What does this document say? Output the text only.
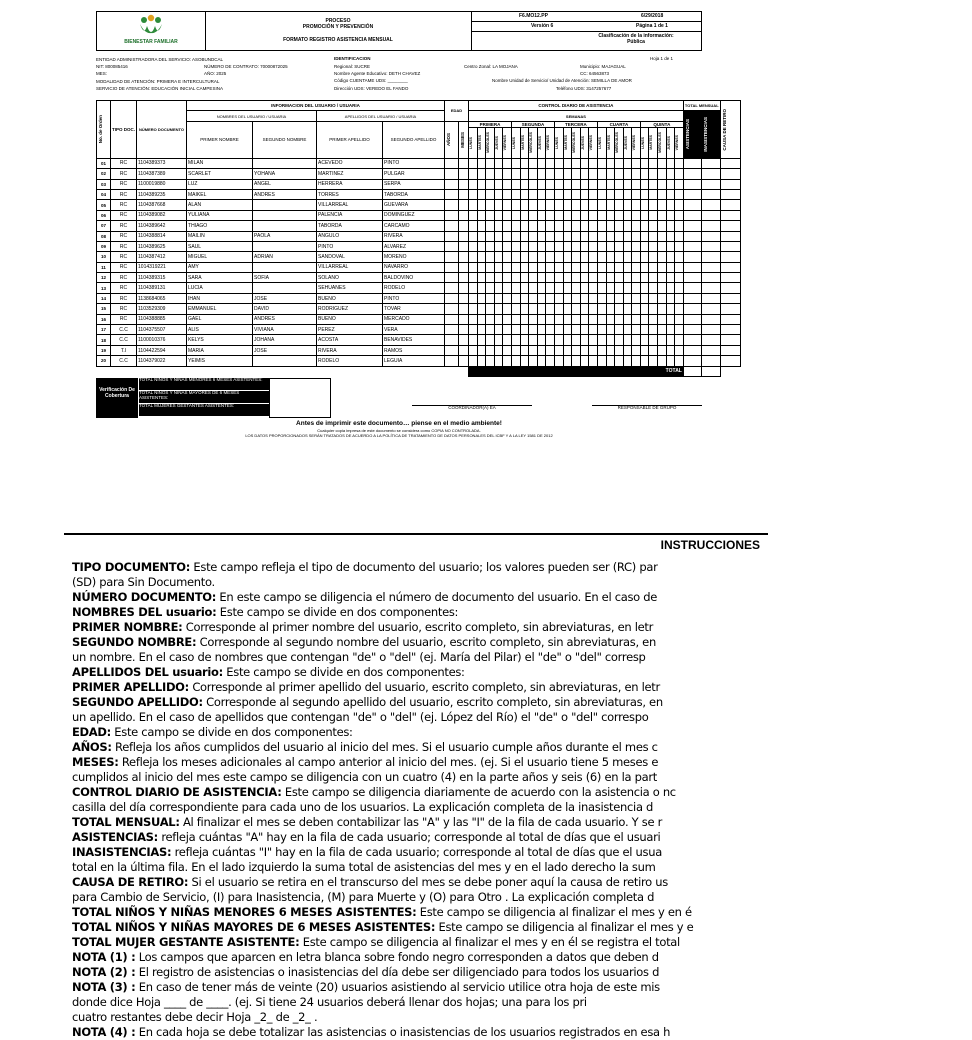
BIENESTAR FAMILIAR
PROCESO
PROMOCIÓN Y PREVENCIÓN
FORMATO REGISTRO ASISTENCIA MENSUAL
F6.MO12.PP	6/29/2018
Versión 6	Página 1 de 1
Clasificación de la información:
Pública
IDENTIFICACION	Hoja 1 de 1
ENTIDAD ADMINISTRADORA DEL SERVICIO: ASOBUNDCAL
NIT: 800085416
MES:
NÚMERO DE CONTRATO: 70000872025
AÑO: 2025
Regional: SUCRE	Centro Zonal: LA MOJANA	Municipio: MAJAGUAL
Nombre Agente Educativo: DETH CHAVEZ	CC: 64563873
Código CUENTAME UDS: ________	Nombre Unidad de Servicio/ Unidad de Atención: SEMILLA DE AMOR
MODALIDAD DE ATENCIÓN: PRIMERA E INTERCULTURAL
SERVICIO DE ATENCIÓN: EDUCACIÓN INICIAL CAMPESINA	Dirección UDS: VEREDO EL FANDO	Teléfono UDS: 3147257677
No. de Orden	TIPO DOC.	NÚMERO DOCUMENTO	INFORMACION DEL USUARIO / USUARIA				EDAD		CONTROL DIARIO DE ASISTENCIA																									TOTAL MENSUAL		CAUSA DE RETIRO

			NOMBRES DEL USUARIO / USUARIA		APELLIDOS DEL USUARIO / USUARIA				SEMANAS																									ASISTENCIAS	INASISTENCIAS	

			PRIMER NOMBRE	SEGUNDO NOMBRE	PRIMER APELLIDO	SEGUNDO APELLIDO	AÑOS	MESES	PRIMERA					SEGUNDA					TERCERA					CUARTA					QUINTA							

									LUNES	MARTES	MIÉRCOLES	JUEVES	VIERNES	LUNES	MARTES	MIÉRCOLES	JUEVES	VIERNES	LUNES	MARTES	MIÉRCOLES	JUEVES	VIERNES	LUNES	MARTES	MIÉRCOLES	JUEVES	VIERNES	LUNES	MARTES	MIÉRCOLES	JUEVES	VIERNES			

01	RC	1104389373	MILAN		ACEVEDO	PINTO																														
02	RC	1104387389	SCARLET	YOHANA	MARTINEZ	PULGAR																														
03	RC	1100019880	LUZ	ANGEL	HERRERA	SERPA																														
04	RC	1104389235	MAIKEL	ANDRES	TORRES	TABORDA																														
05	RC	1104387668	ALAN		VILLARREAL	GUEVARA																														
06	RC	1104389082	YULIANA		PALENCIA	DOMINGUEZ																														
07	RC	1104389642	THIAGO		TABORDA	CARCAMO																														
08	RC	1104388814	MAILIN	PAOLA	ANGULO	RIVERA																														
09	RC	1104389625	SAUL		PINTO	ALVAREZ																														
10	RC	1104387412	MIGUEL	ADRIAN	SANDOVAL	MORENO																														
11	RC	1014319221	AMY		VILLARREAL	NAVARRO																														
12	RC	1104389315	SARA	SOFIA	SOLANO	BALDOVINO																														
13	RC	1104389131	LUCIA		SEHUANES	RODELO																														
14	RC	1138684065	IHAN	JOSE	BUENO	PINTO																														
15	RC	1103529309	EMMANUEL	DAVID	RODRIGUEZ	TOVAR																														
16	RC	1104388885	GAEL	ANDRES	BUENO	MERCADO																														
17	C.C	1104375507	ALIS	VIVIANA	PEREZ	VERA																														
18	C.C	1100010376	KELYS	JOHANA	ACOSTA	BENAVIDES																														
19	T.I	1104422594	MARIA	JOSE	RIVERA	RAMOS																														
20	C.C	1104379022	YEIMIS		RODELO	LEGUIA																														
									TOTAL																											
Verificación De Cobertura
TOTAL NIÑOS Y NIÑAS MENORES 6 MESES ASISTENTES:
TOTAL NIÑOS Y NIÑAS MAYORES DE 6 MESES ASISTENTES:
TOTAL MUJERES GESTANTES ASISTENTES:	COORDINADOR(A) EA	RESPONSABLE DE GRUPO
Antes de imprimir este documento… piense en el medio ambiente!
Cualquier copia impresa de este documento se considera como COPIA NO CONTROLADA.
LOS DATOS PROPORCIONADOS SERÁN TRATADOS DE ACUERDO A LA POLÍTICA DE TRATAMIENTO DE DATOS PERSONALES DEL ICBF Y A LA LEY 1581 DE 2012
INSTRUCCIONES

TIPO DOCUMENTO: Este campo refleja el tipo de documento del usuario; los valores pueden ser (RC) par

(SD) para Sin Documento.

NÚMERO DOCUMENTO: En este campo se diligencia el número de documento del usuario. En el caso de

NOMBRES DEL usuario: Este campo se divide en dos componentes:

PRIMER NOMBRE: Corresponde al primer nombre del usuario, escrito completo, sin abreviaturas, en letr

SEGUNDO NOMBRE: Corresponde al segundo nombre del usuario, escrito completo, sin abreviaturas, en

un nombre. En el caso de nombres que contengan "de" o "del" (ej. María del Pilar) el "de" o "del" corresp

APELLIDOS DEL usuario: Este campo se divide en dos componentes:

PRIMER APELLIDO: Corresponde al primer apellido del usuario, escrito completo, sin abreviaturas, en letr

SEGUNDO APELLIDO: Corresponde al segundo apellido del usuario, escrito completo, sin abreviaturas, en

un apellido. En el caso de apellidos que contengan "de" o "del" (ej. López del Río) el "de" o "del" correspo

EDAD: Este campo se divide en dos componentes:

AÑOS: Refleja los años cumplidos del usuario al inicio del mes. Si el usuario cumple años durante el mes c

MESES: Refleja los meses adicionales al campo anterior al inicio del mes. (ej. Si el usuario tiene 5 meses e

cumplidos al inicio del mes este campo se diligencia con un cuatro (4) en la parte años y seis (6) en la part

CONTROL DIARIO DE ASISTENCIA: Este campo se diligencia diariamente de acuerdo con la asistencia o nc

casilla del día correspondiente para cada uno de los usuarios. La explicación completa de la inasistencia d

TOTAL MENSUAL: Al finalizar el mes se deben contabilizar las "A" y las "I" de la fila de cada usuario. Y se r

ASISTENCIAS: refleja cuántas "A" hay en la fila de cada usuario; corresponde al total de días que el usuari

INASISTENCIAS: refleja cuántas "I" hay en la fila de cada usuario; corresponde al total de días que el usua

total en la última fila. En el lado izquierdo la suma total de asistencias del mes y en el lado derecho la sum

CAUSA DE RETIRO: Si el usuario se retira en el transcurso del mes se debe poner aquí la causa de retiro us

para Cambio de Servicio, (I) para Inasistencia, (M) para Muerte y (O) para Otro . La explicación completa d

TOTAL NIÑOS Y NIÑAS MENORES 6 MESES ASISTENTES: Este campo se diligencia al finalizar el mes y en é

TOTAL NIÑOS Y NIÑAS MAYORES DE 6 MESES ASISTENTES: Este campo se diligencia al finalizar el mes y e

TOTAL MUJER GESTANTE ASISTENTE: Este campo se diligencia al finalizar el mes y en él se registra el total

NOTA (1) : Los campos que aparcen en letra blanca sobre fondo negro corresponden a datos que deben d

NOTA (2) : El registro de asistencias o inasistencias del día debe ser diligenciado para todos los usuarios d

NOTA (3) : En caso de tener más de veinte (20) usuarios asistiendo al servicio utilice otra hoja de este mis

donde dice Hoja ____ de ____. (ej. Si tiene 24 usuarios deberá llenar dos hojas; una para los pri

cuatro restantes debe decir Hoja _2_ de _2_ .

NOTA (4) : En cada hoja se debe totalizar las asistencias o inasistencias de los usuarios registrados en esa h
